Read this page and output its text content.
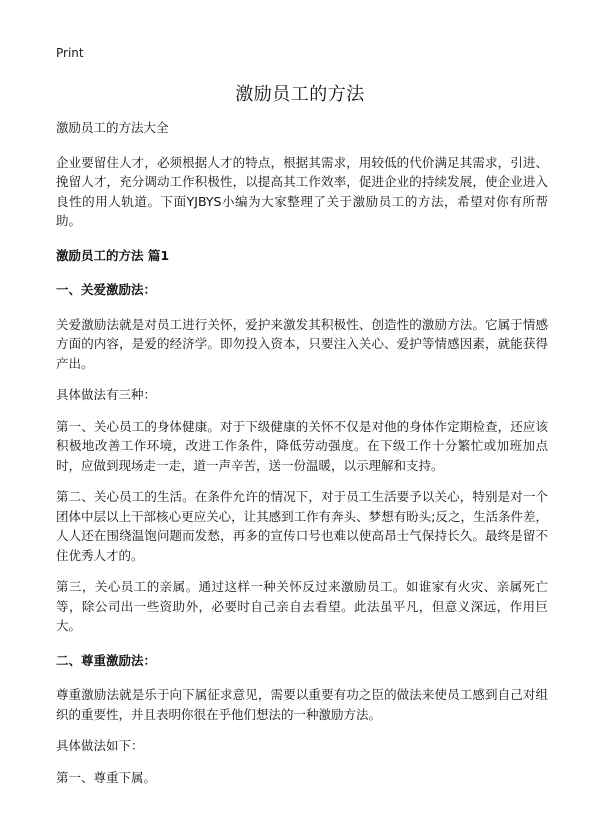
Print
激励员工的方法

激励员工的方法大全

企业要留住人才，必须根据人才的特点，根据其需求，用较低的代价满足其需求，引进、挽留人才，充分调动工作积极性，以提高其工作效率，促进企业的持续发展，使企业进入良性的用人轨道。下面YJBYS小编为大家整理了关于激励员工的方法，希望对你有所帮助。

激励员工的方法 篇1

一、关爱激励法：

关爱激励法就是对员工进行关怀，爱护来激发其积极性、创造性的激励方法。它属于情感方面的内容，是爱的经济学。即勿投入资本，只要注入关心、爱护等情感因素，就能获得产出。

具体做法有三种：

第一、关心员工的身体健康。对于下级健康的关怀不仅是对他的身体作定期检查，还应该积极地改善工作环境，改进工作条件，降低劳动强度。在下级工作十分繁忙或加班加点时，应做到现场走一走，道一声辛苦，送一份温暖，以示理解和支持。

第二、关心员工的生活。在条件允许的情况下，对于员工生活要予以关心，特别是对一个团体中层以上干部核心更应关心，让其感到工作有奔头、梦想有盼头;反之，生活条件差，人人还在围绕温饱问题而发愁，再多的宣传口号也难以使高昂士气保持长久。最终是留不住优秀人才的。

第三，关心员工的亲属。通过这样一种关怀反过来激励员工。如谁家有火灾、亲属死亡等，除公司出一些资助外，必要时自己亲自去看望。此法虽平凡，但意义深远，作用巨大。

二、尊重激励法：

尊重激励法就是乐于向下属征求意见，需要以重要有功之臣的做法来使员工感到自己对组织的重要性，并且表明你很在乎他们想法的一种激励方法。

具体做法如下：

第一、尊重下属。
